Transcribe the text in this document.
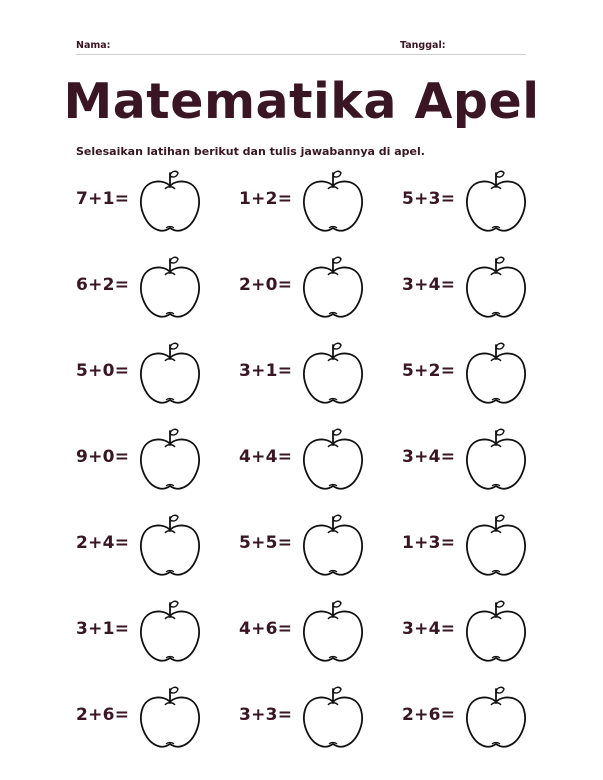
Nama:	Tanggal:
Matematika Apel
Selesaikan latihan berikut dan tulis jawabannya di apel.
7+1=	1+2=	5+3=
6+2=	2+0=	3+4=
5+0=	3+1=	5+2=
9+0=	4+4=	3+4=
2+4=	5+5=	1+3=
3+1=	4+6=	3+4=
2+6=	3+3=	2+6=
